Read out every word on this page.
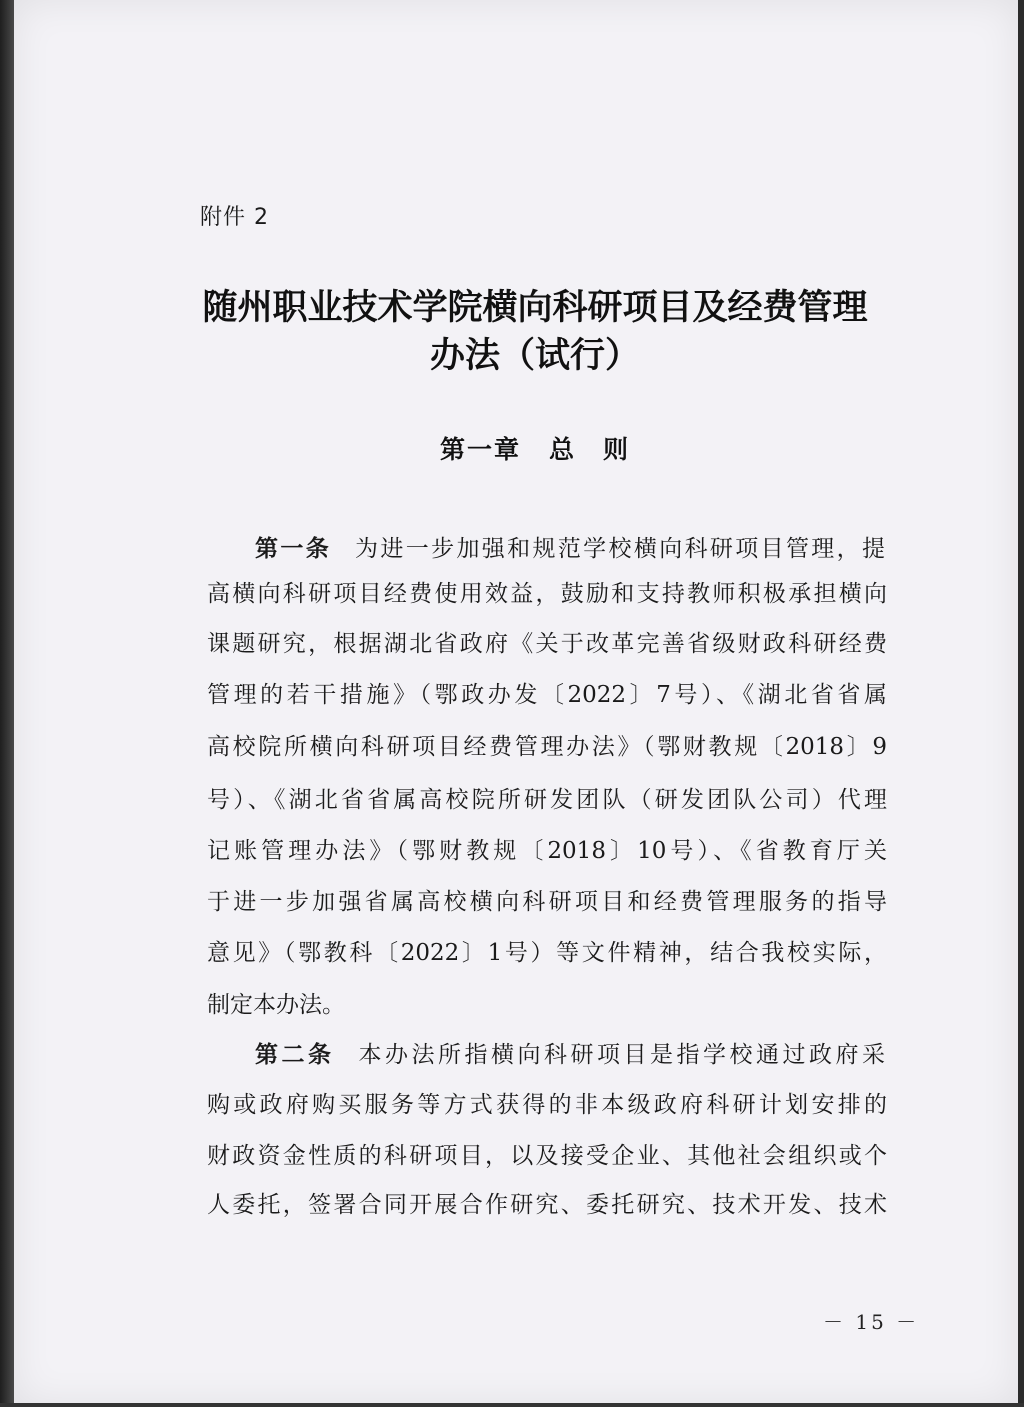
附件 2
随州职业技术学院横向科研项目及经费管理
办法（试行）
第一章 总　则
第一条 为进一步加强和规范学校横向科研项目管理，提
高横向科研项目经费使用效益，鼓励和支持教师积极承担横向
课题研究，根据湖北省政府《关于改革完善省级财政科研经费
管理的若干措施》（鄂政办发〔2022〕7号）、《湖北省省属
高校院所横向科研项目经费管理办法》（鄂财教规〔2018〕9
号）、《湖北省省属高校院所研发团队（研发团队公司）代理
记账管理办法》（鄂财教规〔2018〕10号）、《省教育厅关
于进一步加强省属高校横向科研项目和经费管理服务的指导
意见》（鄂教科〔2022〕1号）等文件精神，结合我校实际，
制定本办法。
第二条 本办法所指横向科研项目是指学校通过政府采
购或政府购买服务等方式获得的非本级政府科研计划安排的
财政资金性质的科研项目，以及接受企业、其他社会组织或个
人委托，签署合同开展合作研究、委托研究、技术开发、技术
－ 15 －
